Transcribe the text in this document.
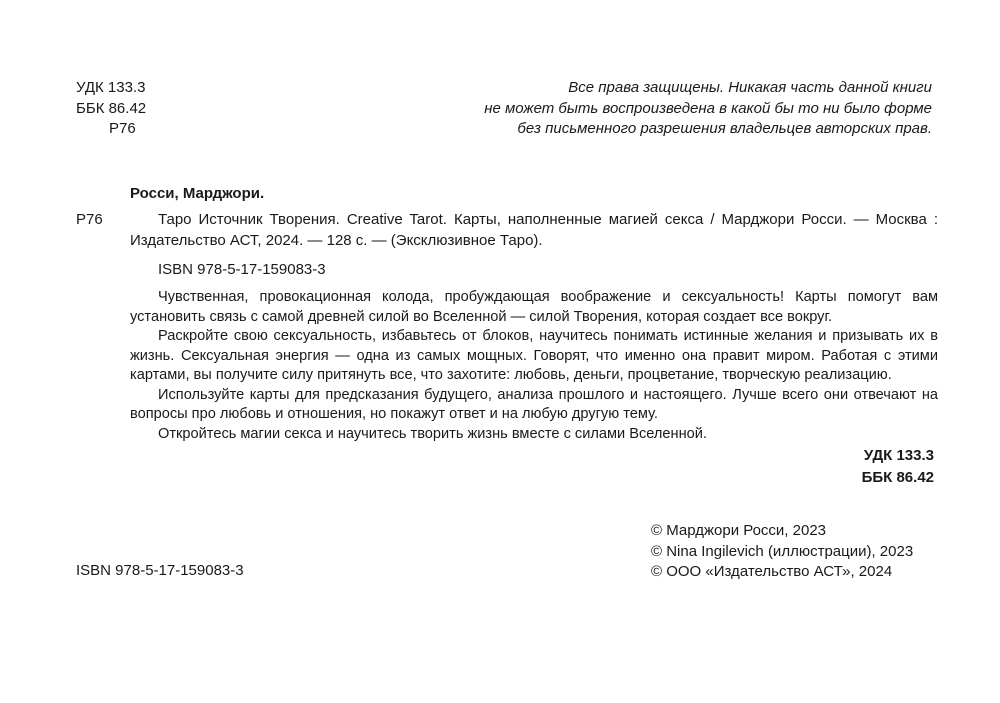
УДК 133.3
ББК 86.42
Р76
Все права защищены. Никакая часть данной книги
не может быть воспроизведена в какой бы то ни было форме
без письменного разрешения владельцев авторских прав.
Росси, Марджори.
Р76	Таро Источник Творения. Creative Tarot. Карты, наполненные магией секса / Марджори Росси. — Москва : Издательство АСТ, 2024. — 128 с. — (Эксклюзивное Таро).
ISBN 978-5-17-159083-3

Чувственная, провокационная колода, пробуждающая воображение и сексуальность! Карты помогут вам установить связь с самой древней силой во Вселенной — силой Творения, которая создает все вокруг.

Раскройте свою сексуальность, избавьтесь от блоков, научитесь понимать истинные желания и призывать их в жизнь. Сексуальная энергия — одна из самых мощных. Говорят, что именно она правит миром. Работая с этими картами, вы получите силу притянуть все, что захотите: любовь, деньги, процветание, творческую реализацию.

Используйте карты для предсказания будущего, анализа прошлого и настоящего. Лучше всего они отвечают на вопросы про любовь и отношения, но покажут ответ и на любую другую тему.

Откройтесь магии секса и научитесь творить жизнь вместе с силами Вселенной.

УДК 133.3
ББК 86.42
© Марджори Росси, 2023
© Nina Ingilevich (иллюстрации), 2023
© ООО «Издательство АСТ», 2024
ISBN 978-5-17-159083-3
